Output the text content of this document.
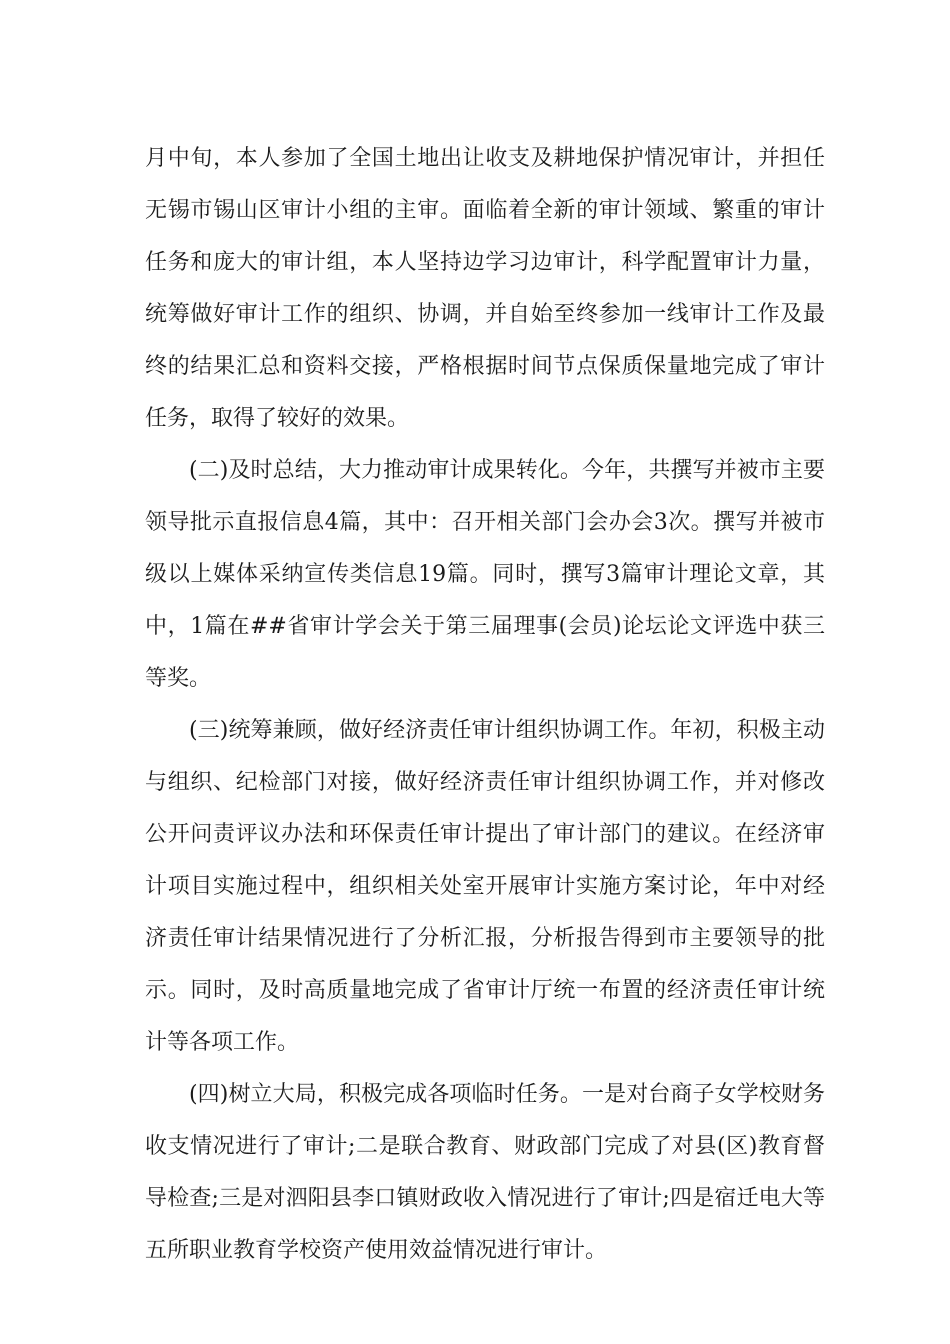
月中旬，本人参加了全国土地出让收支及耕地保护情况审计，并担任无锡市锡山区审计小组的主审。面临着全新的审计领域、繁重的审计任务和庞大的审计组，本人坚持边学习边审计，科学配置审计力量，统筹做好审计工作的组织、协调，并自始至终参加一线审计工作及最终的结果汇总和资料交接，严格根据时间节点保质保量地完成了审计任务，取得了较好的效果。

(二)及时总结，大力推动审计成果转化。今年，共撰写并被市主要领导批示直报信息4篇，其中：召开相关部门会办会3次。撰写并被市级以上媒体采纳宣传类信息19篇。同时，撰写3篇审计理论文章，其中，1篇在##省审计学会关于第三届理事(会员)论坛论文评选中获三等奖。

(三)统筹兼顾，做好经济责任审计组织协调工作。年初，积极主动与组织、纪检部门对接，做好经济责任审计组织协调工作，并对修改公开问责评议办法和环保责任审计提出了审计部门的建议。在经济审计项目实施过程中，组织相关处室开展审计实施方案讨论，年中对经济责任审计结果情况进行了分析汇报，分析报告得到市主要领导的批示。同时，及时高质量地完成了省审计厅统一布置的经济责任审计统计等各项工作。

(四)树立大局，积极完成各项临时任务。一是对台商子女学校财务收支情况进行了审计;二是联合教育、财政部门完成了对县(区)教育督导检查;三是对泗阳县李口镇财政收入情况进行了审计;四是宿迁电大等五所职业教育学校资产使用效益情况进行审计。
